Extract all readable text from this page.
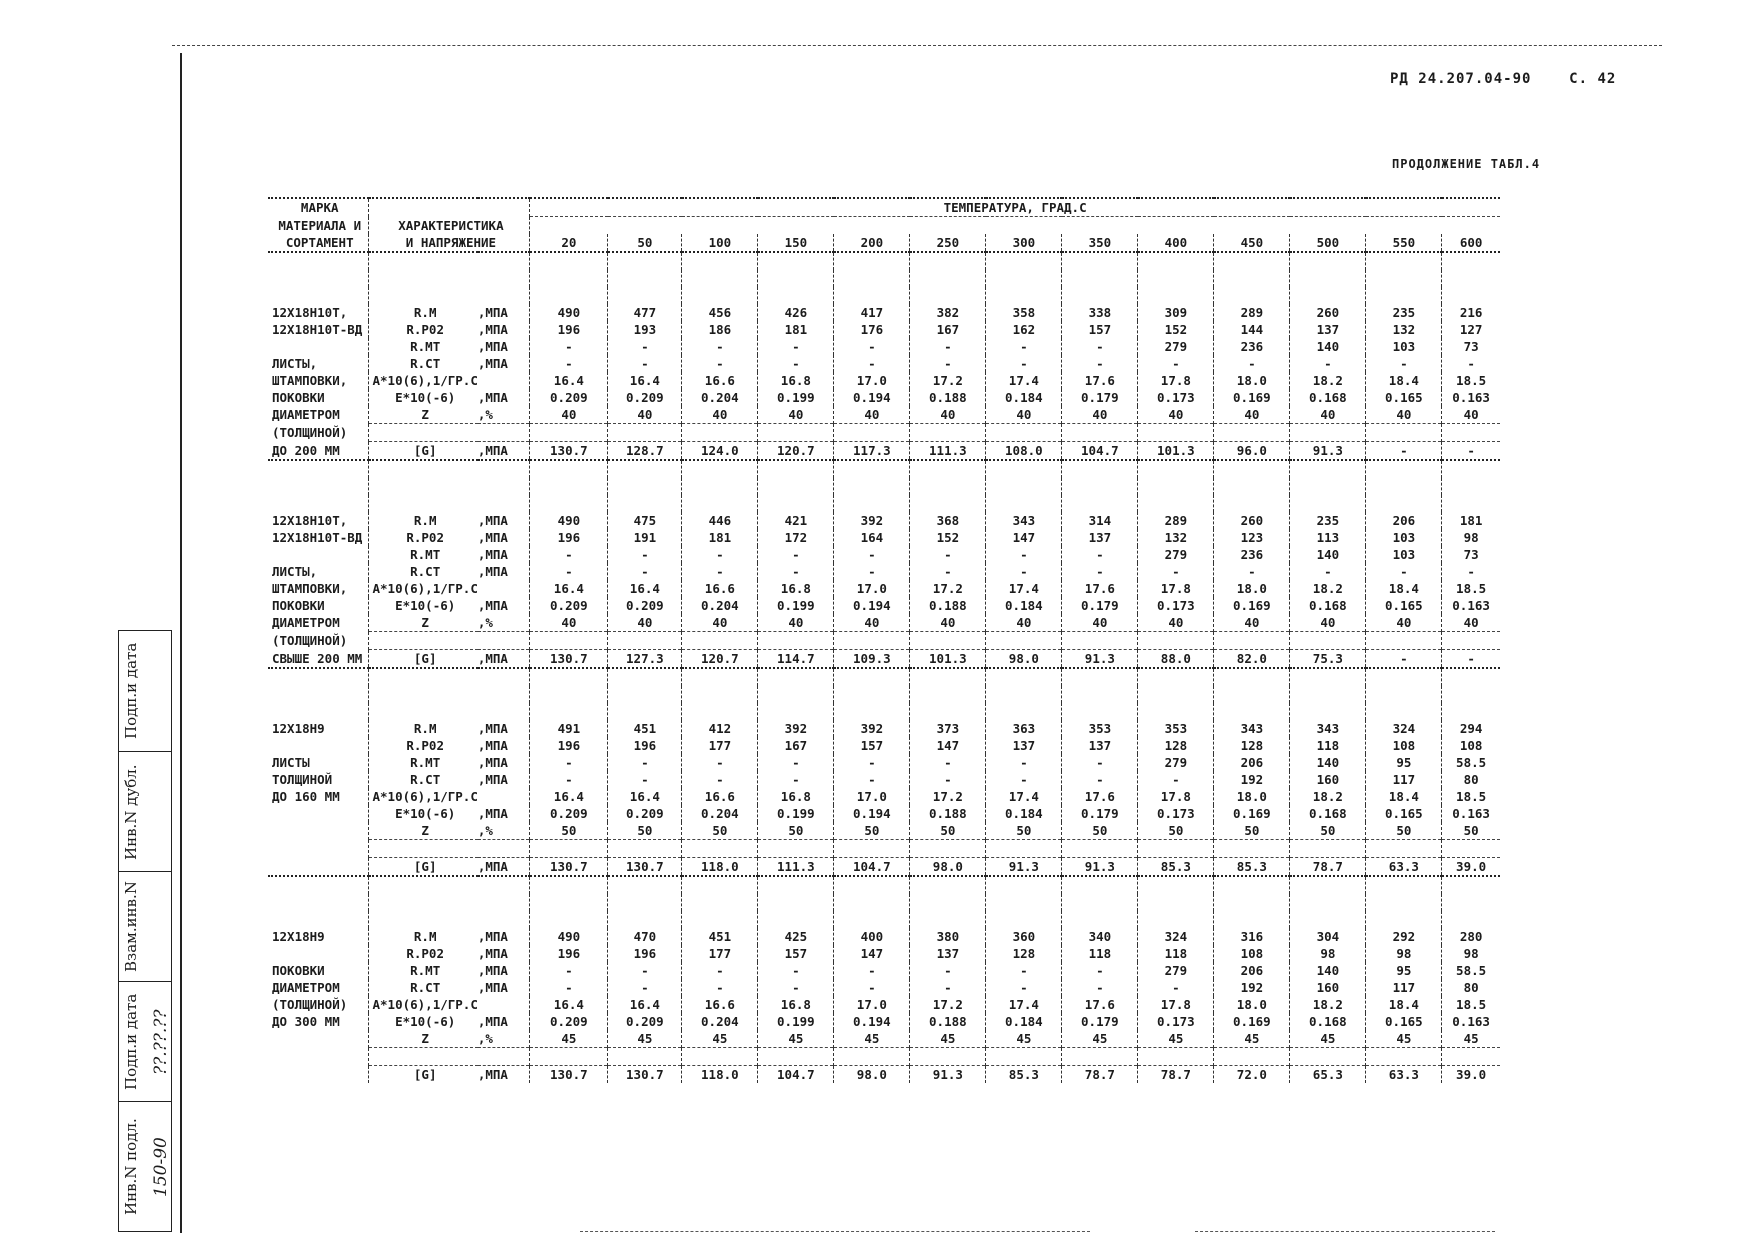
РД 24.207.04-90	С. 42
ПРОДОЛЖЕНИЕ ТАБЛ.4
Подп.и дата
Инв.N дубл.
Взам.инв.N
Подп.и дата ??.??.??
Инв.N подл. 150-90
МАРКА			ТЕМПЕРАТУРА, ГРАД.С												
МАТЕРИАЛА И	ХАРАКТЕРИСТИКА														
СОРТАМЕНТ	И НАПРЯЖЕНИЕ		20	50	100	150	200	250	300	350	400	450	500	550	600

12Х18Н10Т,	R.M	,МПА	490	477	456	426	417	382	358	338	309	289	260	235	216
12Х18Н10Т-ВД	R.P02	,МПА	196	193	186	181	176	167	162	157	152	144	137	132	127
	R.MT	,МПА	-	-	-	-	-	-	-	-	279	236	140	103	73
ЛИСТЫ,	R.CT	,МПА	-	-	-	-	-	-	-	-	-	-	-	-	-
ШТАМПОВКИ,	A*10(6),1/ГР.С		16.4	16.4	16.6	16.8	17.0	17.2	17.4	17.6	17.8	18.0	18.2	18.4	18.5
ПОКОВКИ	E*10(-6)	,МПА	0.209	0.209	0.204	0.199	0.194	0.188	0.184	0.179	0.173	0.169	0.168	0.165	0.163
ДИАМЕТРОМ	Z	,%	40	40	40	40	40	40	40	40	40	40	40	40	40
(ТОЛЩИНОЙ)															
ДО 200 ММ	[G]	,МПА	130.7	128.7	124.0	120.7	117.3	111.3	108.0	104.7	101.3	96.0	91.3	-	-

12Х18Н10Т,	R.M	,МПА	490	475	446	421	392	368	343	314	289	260	235	206	181
12Х18Н10Т-ВД	R.P02	,МПА	196	191	181	172	164	152	147	137	132	123	113	103	98
	R.MT	,МПА	-	-	-	-	-	-	-	-	279	236	140	103	73
ЛИСТЫ,	R.CT	,МПА	-	-	-	-	-	-	-	-	-	-	-	-	-
ШТАМПОВКИ,	A*10(6),1/ГР.С		16.4	16.4	16.6	16.8	17.0	17.2	17.4	17.6	17.8	18.0	18.2	18.4	18.5
ПОКОВКИ	E*10(-6)	,МПА	0.209	0.209	0.204	0.199	0.194	0.188	0.184	0.179	0.173	0.169	0.168	0.165	0.163
ДИАМЕТРОМ	Z	,%	40	40	40	40	40	40	40	40	40	40	40	40	40
(ТОЛЩИНОЙ)															
СВЫШЕ 200 ММ	[G]	,МПА	130.7	127.3	120.7	114.7	109.3	101.3	98.0	91.3	88.0	82.0	75.3	-	-

12Х18Н9	R.M	,МПА	491	451	412	392	392	373	363	353	353	343	343	324	294
	R.P02	,МПА	196	196	177	167	157	147	137	137	128	128	118	108	108
ЛИСТЫ	R.MT	,МПА	-	-	-	-	-	-	-	-	279	206	140	95	58.5
ТОЛЩИНОЙ	R.CT	,МПА	-	-	-	-	-	-	-	-	-	192	160	117	80
ДО 160 ММ	A*10(6),1/ГР.С		16.4	16.4	16.6	16.8	17.0	17.2	17.4	17.6	17.8	18.0	18.2	18.4	18.5
	E*10(-6)	,МПА	0.209	0.209	0.204	0.199	0.194	0.188	0.184	0.179	0.173	0.169	0.168	0.165	0.163
	Z	,%	50	50	50	50	50	50	50	50	50	50	50	50	50

	[G]	,МПА	130.7	130.7	118.0	111.3	104.7	98.0	91.3	91.3	85.3	85.3	78.7	63.3	39.0

12Х18Н9	R.M	,МПА	490	470	451	425	400	380	360	340	324	316	304	292	280
	R.P02	,МПА	196	196	177	157	147	137	128	118	118	108	98	98	98
ПОКОВКИ	R.MT	,МПА	-	-	-	-	-	-	-	-	279	206	140	95	58.5
ДИАМЕТРОМ	R.CT	,МПА	-	-	-	-	-	-	-	-	-	192	160	117	80
(ТОЛЩИНОЙ)	A*10(6),1/ГР.С		16.4	16.4	16.6	16.8	17.0	17.2	17.4	17.6	17.8	18.0	18.2	18.4	18.5
ДО 300 ММ	E*10(-6)	,МПА	0.209	0.209	0.204	0.199	0.194	0.188	0.184	0.179	0.173	0.169	0.168	0.165	0.163
	Z	,%	45	45	45	45	45	45	45	45	45	45	45	45	45

	[G]	,МПА	130.7	130.7	118.0	104.7	98.0	91.3	85.3	78.7	78.7	72.0	65.3	63.3	39.0
